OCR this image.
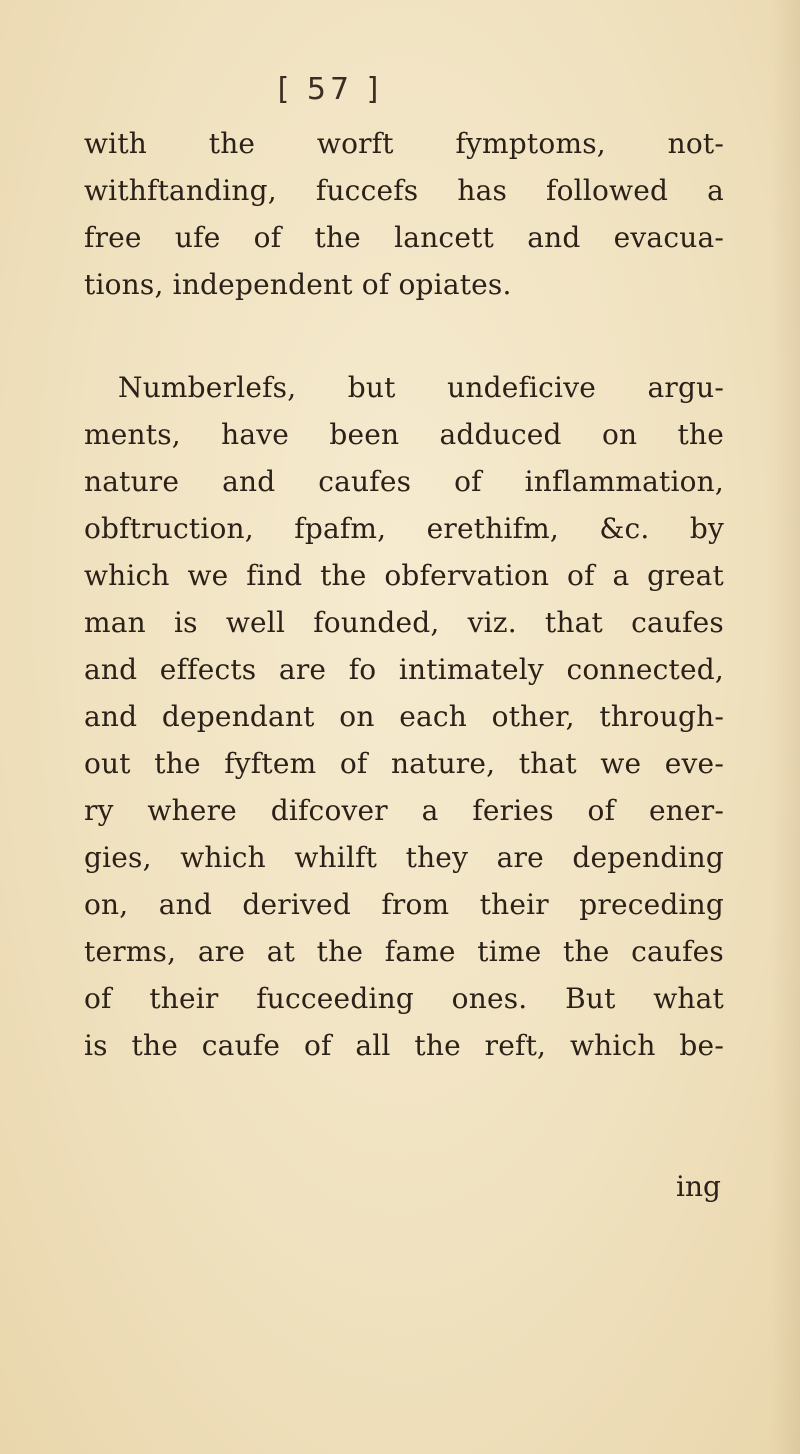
[ 57 ]
with the worft fymptoms, not-
withftanding, fuccefs has followed a
free ufe of the lancett and evacua-
tions, independent of opiates.
Numberlefs, but undeficive argu-
ments, have been adduced on the
nature and caufes of inflammation,
obftruction, fpafm, erethifm, &c. by
which we find the obfervation of a great
man is well founded, viz. that caufes
and effects are fo intimately connected,
and dependant on each other, through-
out the fyftem of nature, that we eve-
ry where difcover a feries of ener-
gies, which whilft they are depending
on, and derived from their preceding
terms, are at the fame time the caufes
of their fucceeding ones. But what
is the caufe of all the reft, which be-
ing
